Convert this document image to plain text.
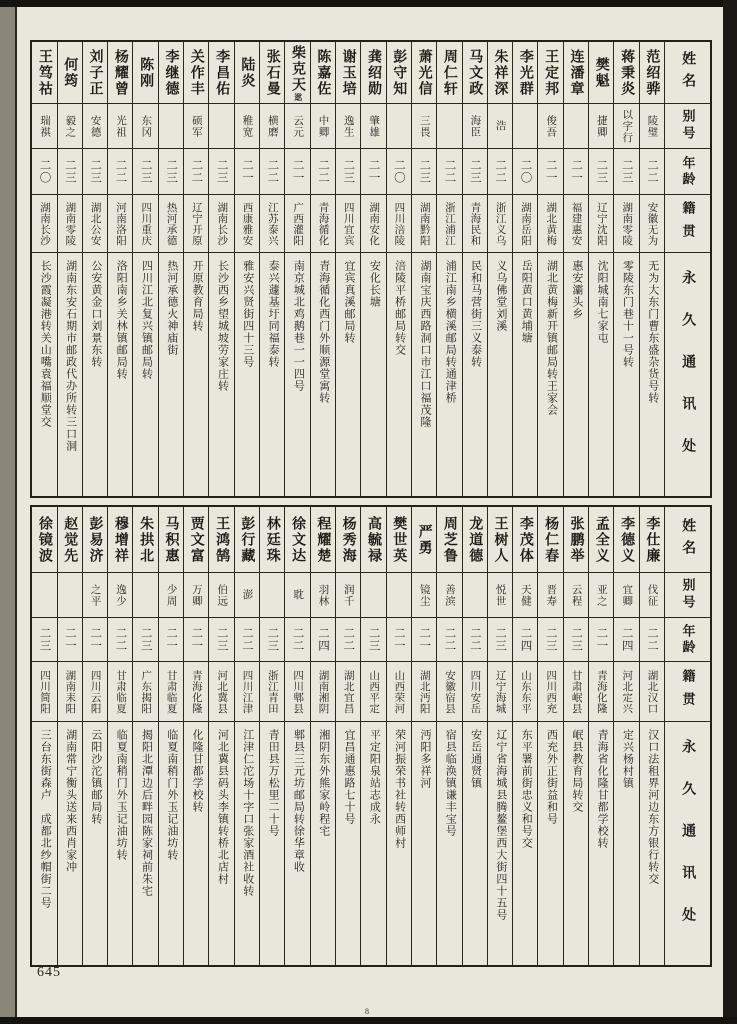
姓名
别号
年龄
籍贯
永久通讯处
范绍骅
陵璧
二二
安徽无为
无为大东门曹东盛杂货号转
蒋秉炎
以字行
二三
湖南零陵
零陵东门巷十一号转
樊魁
捷卿
二三
辽宁沈阳
沈阳城南七家屯
连潘章
二一
福建惠安
惠安灞头乡
王定邦
俊吾
二一
湖北黄梅
湖北黄梅新开镇邮局转王家会
李光群
二〇
湖南岳阳
岳阳黄口黄埔塘
朱祥深
浩
二二
浙江义乌
义乌佛堂刘溪
马文政
海臣
二三
青海民和
民和马营街三义泰转
周仁轩
二二
浙江浦江
浦江南乡横溪邮局转通津桥
萧光信
三畏
二三
湖南黔阳
湖南宝庆西路洞口市江口福茂隆
彭守知
二〇
四川涪陵
涪陵平桥邮局转交
龚绍勋
肇雄
二一
湖南安化
安化长塘
谢玉培
逸生
二三
四川宜宾
宜宾真溪邮局转
陈嘉佐
中卿
二二
青海循化
青海循化西门外顺源堂寓转
柴克天
逖
云元
二一
广西灌阳
南京城北鸡鹅巷一一四号
张石曼
横磨
二二
江苏泰兴
泰兴蘧基圩同福泰转
陆炎
稚宽
二一
西康雅安
雅安兴贤街四十三号
李昌佑
二三
湖南长沙
长沙西乡望城坡劳家庄转
关作丰
硕军
二二
辽宁开原
开原教育局转
李继德
二三
热河承德
热河承德火神庙街
陈刚
东冈
二三
四川重庆
四川江北复兴镇邮局转
杨耀曾
光祖
二二
河南洛阳
洛阳南乡关林镇邮局转
刘子正
安德
二三
湖北公安
公安黄金口刘景东转
何筠
毅之
二三
湖南零陵
湖南东安石期市邮政代办所转三口洞
王笃祜
瑞祺
二〇
湖南长沙
长沙霞凝港转关山嘴袁福顺堂交
姓名
别号
年龄
籍贯
永久通讯处
李仕廉
伐征
二二
湖北汉口
汉口法租界河边东方银行转交
李德义
宜卿
二四
河北定兴
定兴杨村镇
孟全义
亚之
二一
青海化隆
青海省化隆甘都学校转
张鹏举
云程
二三
甘肃岷县
岷县教育局转交
杨仁春
晋寿
二三
四川西充
西充外正街益和号
李茂体
天健
二四
山东东平
东平署前街忠义和号交
王树人
悦世
二三
辽宁海城
辽宁省海城县腾鳌堡西大街四十五号
龙道德
二二
四川安岳
安岳通贤镇
周芝鲁
善滨
二二
安徽宿县
宿县临涣镇谦丰宝号
严勇
镜尘
二一
湖北沔阳
沔阳多祥河
樊世英
二一
山西荣河
荣河振荣书社转西师村
高毓禄
二三
山西平定
平定阳泉站志成永
杨秀海
润千
二二
湖北宜昌
宜昌通惠路七十号
程耀楚
羽林
二四
湖南湘阴
湘阴东外熊家岭程宅
徐文达
耽
二二
四川郫县
郫县三元坊邮局转徐华章收
林廷珠
二三
浙江青田
青田县万松里二十号
彭行藏
澎
二二
四川江津
江津仁沱场十字口张家酒社收转
王鸿鹄
伯远
二三
河北冀县
河北冀县码头李镇转桥北店村
贾文富
万卿
二一
青海化隆
化隆甘都学校转
马积惠
少周
二一
甘肃临夏
临夏南稍门外玉记油坊转
朱拱北
二三
广东揭阳
揭阳北潭边后畔园陈家祠前朱宅
穆增祥
逸少
二二
甘肃临夏
临夏南稍门外玉记油坊转
彭易济
之平
二一
四川云阳
云阳沙沱镇邮局转
赵觉先
二一
湖南耒阳
湖南常宁衡头送来西肖家冲
徐镜波
二三
四川简阳
三台东街森卢　成都北纱帽街二号
645
8
